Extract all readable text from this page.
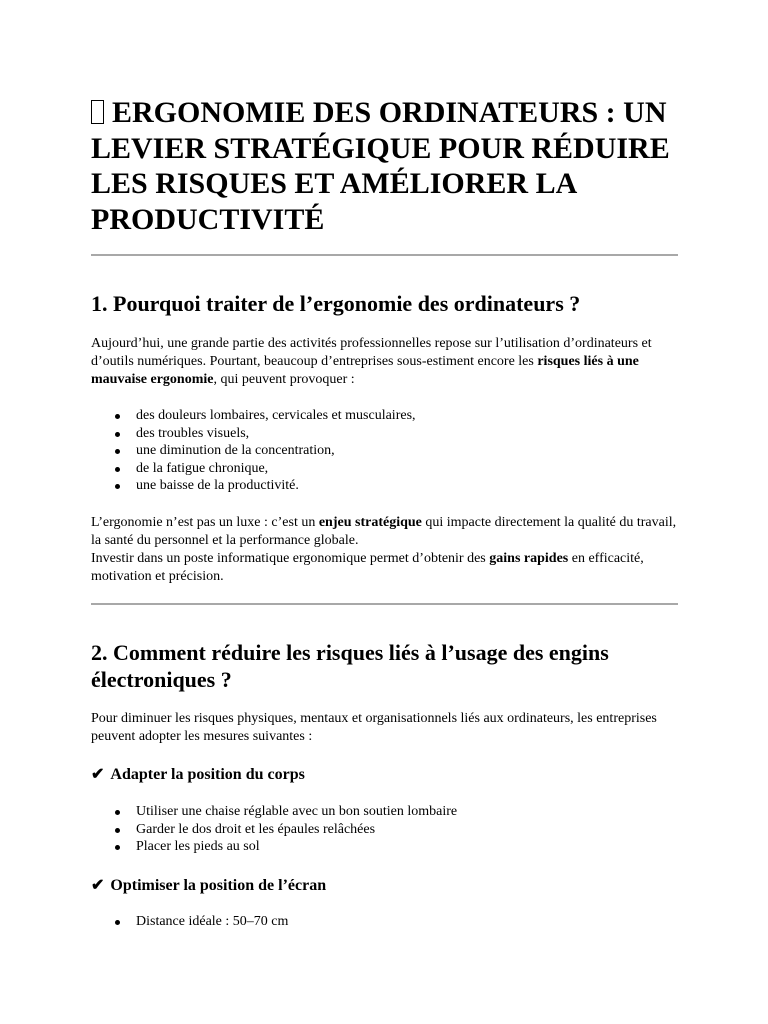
ERGONOMIE DES ORDINATEURS : UN LEVIER STRATÉGIQUE POUR RÉDUIRE LES RISQUES ET AMÉLIORER LA PRODUCTIVITÉ
1. Pourquoi traiter de l’ergonomie des ordinateurs ?

Aujourd’hui, une grande partie des activités professionnelles repose sur l’utilisation d’ordinateurs et d’outils numériques. Pourtant, beaucoup d’entreprises sous-estiment encore les risques liés à une mauvaise ergonomie, qui peuvent provoquer :

des douleurs lombaires, cervicales et musculaires,
des troubles visuels,
une diminution de la concentration,
de la fatigue chronique,
une baisse de la productivité.

L’ergonomie n’est pas un luxe : c’est un enjeu stratégique qui impacte directement la qualité du travail, la santé du personnel et la performance globale.
Investir dans un poste informatique ergonomique permet d’obtenir des gains rapides en efficacité, motivation et précision.

2. Comment réduire les risques liés à l’usage des engins électroniques ?

Pour diminuer les risques physiques, mentaux et organisationnels liés aux ordinateurs, les entreprises peuvent adopter les mesures suivantes :

✔ Adapter la position du corps
Utiliser une chaise réglable avec un bon soutien lombaire
Garder le dos droit et les épaules relâchées
Placer les pieds au sol
✔ Optimiser la position de l’écran
Distance idéale : 50–70 cm
